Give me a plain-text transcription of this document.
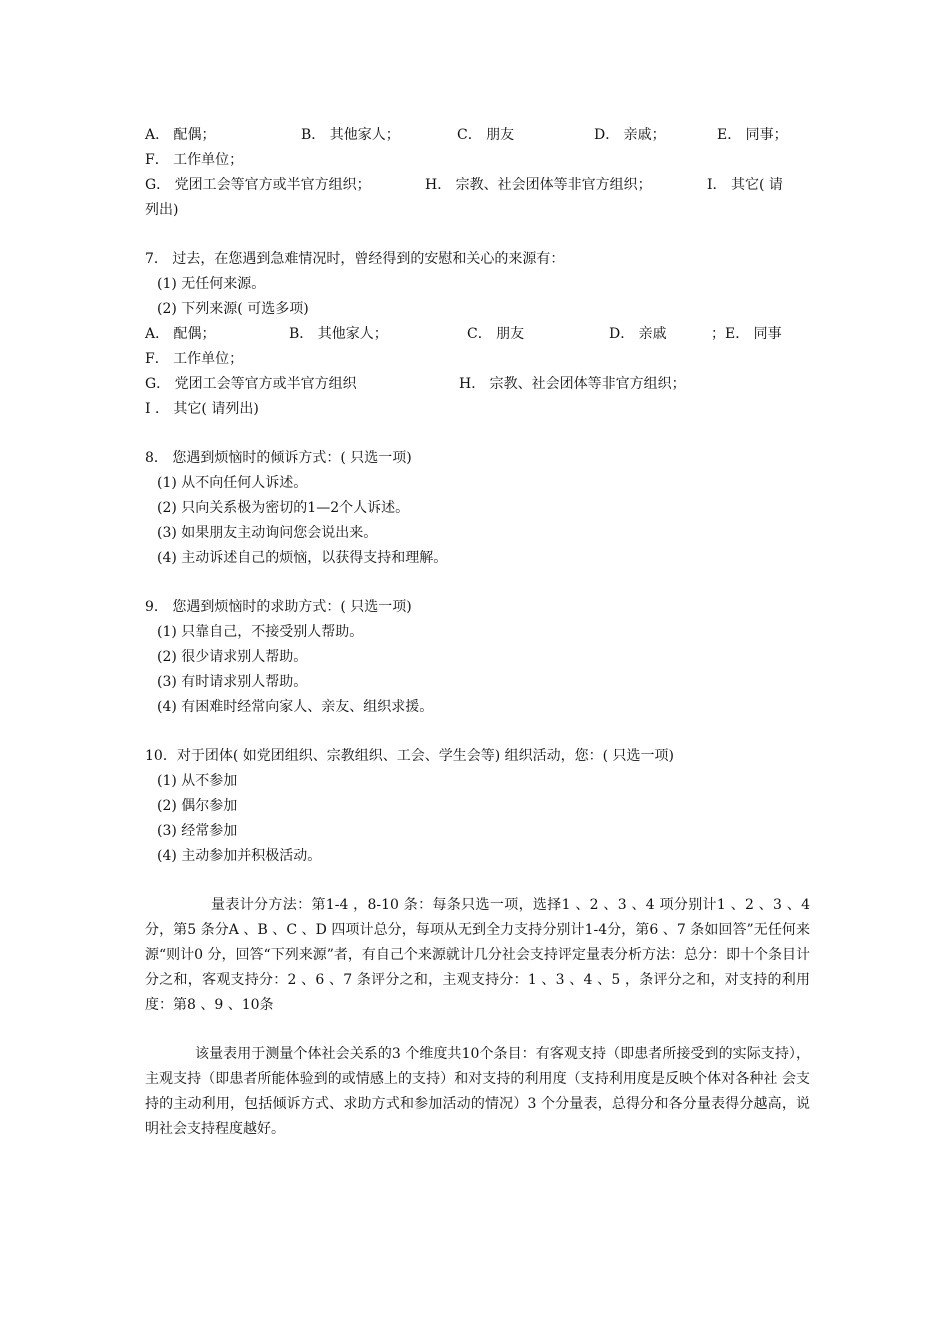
A． 配偶；	B． 其他家人；	C． 朋友	D． 亲戚；	E． 同事；
F． 工作单位；
G． 党团工会等官方或半官方组织；	H． 宗教、社会团体等非官方组织；	I． 其它( 请
列出)
7． 过去，在您遇到急难情况时，曾经得到的安慰和关心的来源有：
(1) 无任何来源。
(2) 下列来源( 可选多项)
A． 配偶；	B． 其他家人；	C． 朋友	D． 亲戚	；E． 同事
F． 工作单位；
G． 党团工会等官方或半官方组织	H． 宗教、社会团体等非官方组织；
I ． 其它( 请列出)
8． 您遇到烦恼时的倾诉方式：( 只选一项)
(1) 从不向任何人诉述。
(2) 只向关系极为密切的1—2个人诉述。
(3) 如果朋友主动询问您会说出来。
(4) 主动诉述自己的烦恼，以获得支持和理解。
9． 您遇到烦恼时的求助方式：( 只选一项)
(1) 只靠自己，不接受别人帮助。
(2) 很少请求别人帮助。
(3) 有时请求别人帮助。
(4) 有困难时经常向家人、亲友、组织求援。
10．对于团体( 如党团组织、宗教组织、工会、学生会等) 组织活动，您：( 只选一项)
(1) 从不参加
(2) 偶尔参加
(3) 经常参加
(4) 主动参加并积极活动。
量表计分方法：第1-4 ，8-10 条：每条只选一项，选择1 、2 、3 、4 项分别计1 、2 、3 、4 分，第5 条分A 、B 、C 、D 四项计总分，每项从无到全力支持分别计1-4分，第6 、7 条如回答”无任何来源“则计0 分，回答“下列来源”者，有自己个来源就计几分社会支持评定量表分析方法：总分：即十个条目计分之和，客观支持分：2 、6 、7 条评分之和，主观支持分：1 、3 、4 、5 ，条评分之和，对支持的利用度：第8 、9 、10条
该量表用于测量个体社会关系的3 个维度共10个条目：有客观支持（即患者所接受到的实际支持），主观支持（即患者所能体验到的或情感上的支持）和对支持的利用度（支持利用度是反映个体对各种社 会支持的主动利用，包括倾诉方式、求助方式和参加活动的情况）3 个分量表，总得分和各分量表得分越高，说明社会支持程度越好。
